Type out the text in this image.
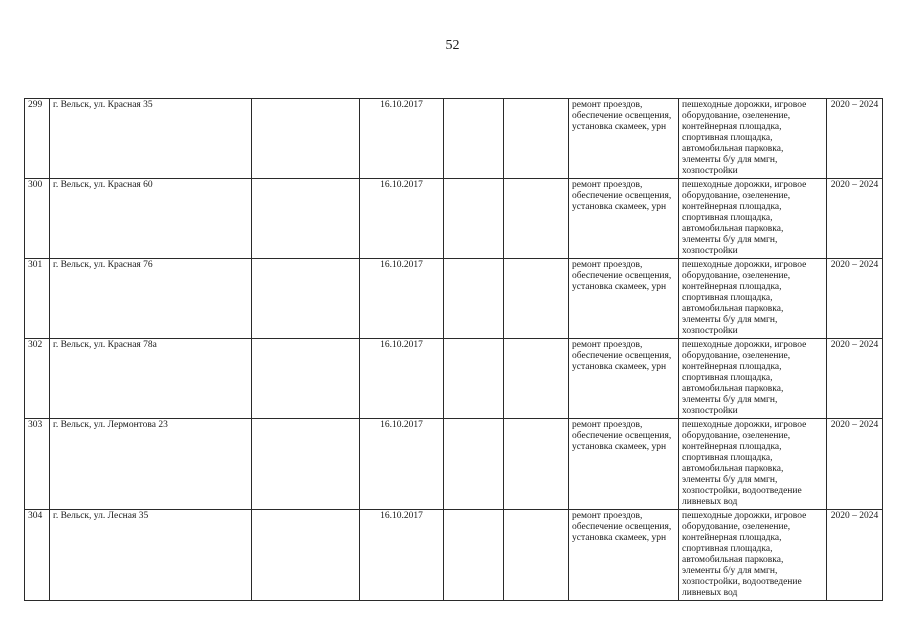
52
299	г. Вельск, ул. Красная 35		16.10.2017			ремонт проездов, обеспечение освещения, установка скамеек, урн	пешеходные дорожки, игровое оборудование, озеленение, контейнерная площадка, спортивная площадка, автомобильная парковка, элементы б/у для ммгн, хозпостройки	2020 – 2024
300	г. Вельск, ул. Красная 60		16.10.2017			ремонт проездов, обеспечение освещения, установка скамеек, урн	пешеходные дорожки, игровое оборудование, озеленение, контейнерная площадка, спортивная площадка, автомобильная парковка, элементы б/у для ммгн, хозпостройки	2020 – 2024
301	г. Вельск, ул. Красная 76		16.10.2017			ремонт проездов, обеспечение освещения, установка скамеек, урн	пешеходные дорожки, игровое оборудование, озеленение, контейнерная площадка, спортивная площадка, автомобильная парковка, элементы б/у для ммгн, хозпостройки	2020 – 2024
302	г. Вельск, ул. Красная 78а		16.10.2017			ремонт проездов, обеспечение освещения, установка скамеек, урн	пешеходные дорожки, игровое оборудование, озеленение, контейнерная площадка, спортивная площадка, автомобильная парковка, элементы б/у для ммгн, хозпостройки	2020 – 2024
303	г. Вельск, ул. Лермонтова 23		16.10.2017			ремонт проездов, обеспечение освещения, установка скамеек, урн	пешеходные дорожки, игровое оборудование, озеленение, контейнерная площадка, спортивная площадка, автомобильная парковка, элементы б/у для ммгн, хозпостройки, водоотведение ливневых вод	2020 – 2024
304	г. Вельск, ул. Лесная 35		16.10.2017			ремонт проездов, обеспечение освещения, установка скамеек, урн	пешеходные дорожки, игровое оборудование, озеленение, контейнерная площадка, спортивная площадка, автомобильная парковка, элементы б/у для ммгн, хозпостройки, водоотведение ливневых вод	2020 – 2024
